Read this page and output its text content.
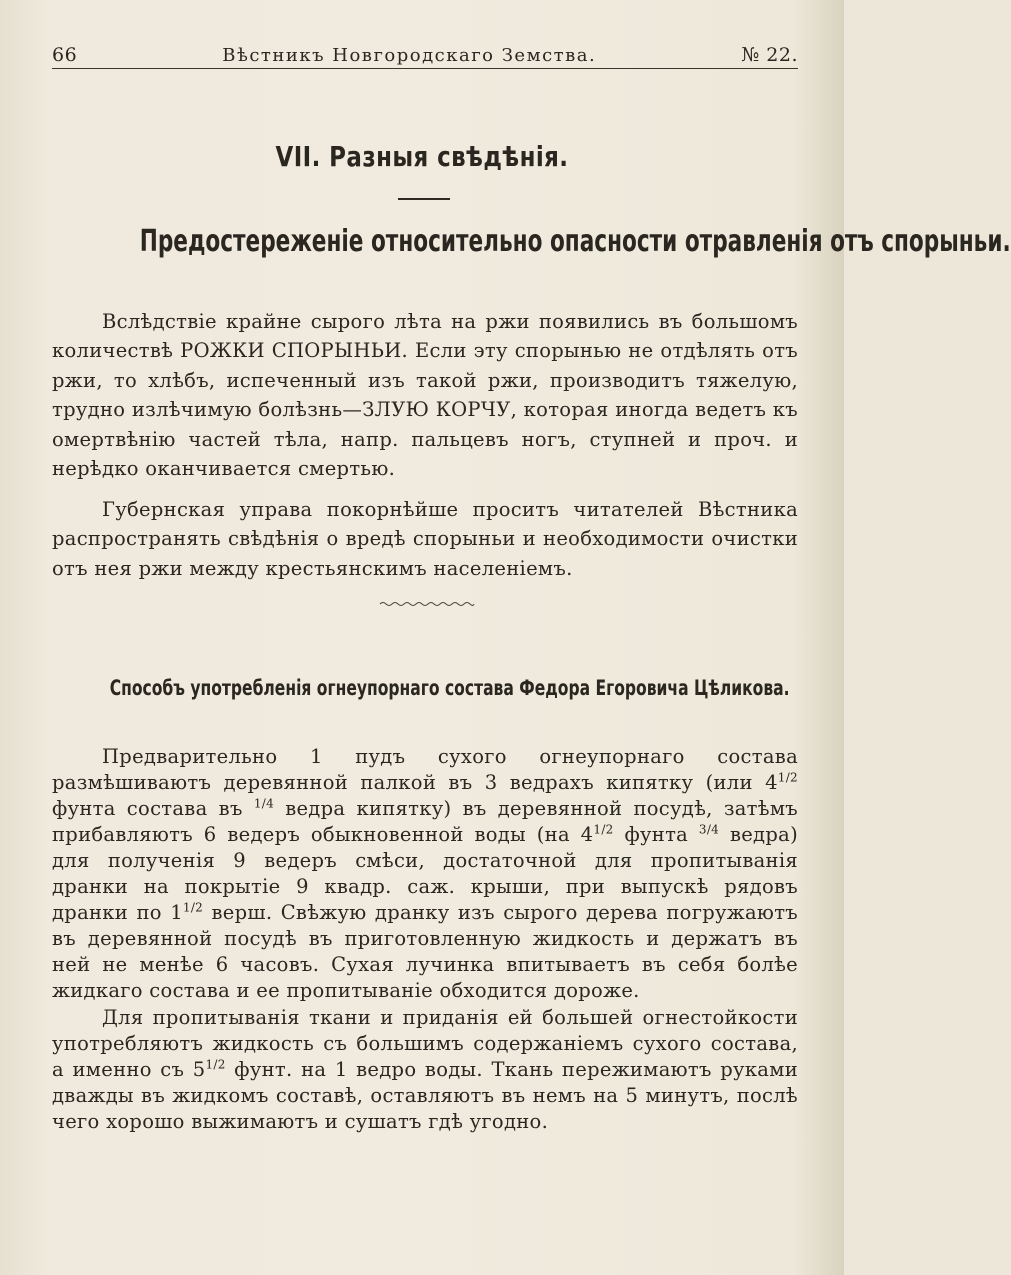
66	Вѣстникъ Новгородскаго Земства.	№ 22.
VII. Разныя свѣдѣнія.
Предостереженіе относительно опасности отравленія отъ спорыньи.

Вслѣдствіе крайне сырого лѣта на ржи появились въ большомъ количествѣ РОЖКИ СПОРЫНЬИ. Если эту спорынью не отдѣлять отъ ржи, то хлѣбъ, испеченный изъ такой ржи, производитъ тяжелую, трудно излѣчимую болѣзнь—ЗЛУЮ КОРЧУ, которая иногда ведетъ къ омертвѣнію частей тѣла, напр. пальцевъ ногъ, ступней и проч. и нерѣдко оканчивается смертью.

Губернская управа покорнѣйше проситъ читателей Вѣстника распространять свѣдѣнія о вредѣ спорыньи и необходимости очистки отъ нея ржи между крестьянскимъ населеніемъ.

Способъ употребленія огнеупорнаго состава Федора Егоровича Цѣликова.

Предварительно 1 пудъ сухого огнеупорнаго состава размѣшиваютъ деревянной палкой въ 3 ведрахъ кипятку (или $4^{1/2}$ фунта состава въ $^{1/4}$ ведра кипятку) въ деревянной посудѣ, затѣмъ прибавляютъ 6 ведеръ обыкновенной воды (на $4^{1/2}$ фунта $^{3/4}$ ведра) для полученія 9 ведеръ смѣси, достаточной для пропитыванія дранки на покрытіе 9 квадр. саж. крыши, при выпускѣ рядовъ дранки по $1^{1/2}$ верш. Свѣжую дранку изъ сырого дерева погружаютъ въ деревянной посудѣ въ приготовленную жидкость и держатъ въ ней не менѣе 6 часовъ. Сухая лучинка впитываетъ въ себя болѣе жидкаго состава и ее пропитываніе обходится дороже.

Для пропитыванія ткани и приданія ей большей огнестойкости употребляютъ жидкость съ большимъ содержаніемъ сухого состава, а именно съ $5^{1/2}$ фунт. на 1 ведро воды. Ткань пережимаютъ руками дважды въ жидкомъ составѣ, оставляютъ въ немъ на 5 минутъ, послѣ чего хорошо выжимаютъ и сушатъ гдѣ угодно.
